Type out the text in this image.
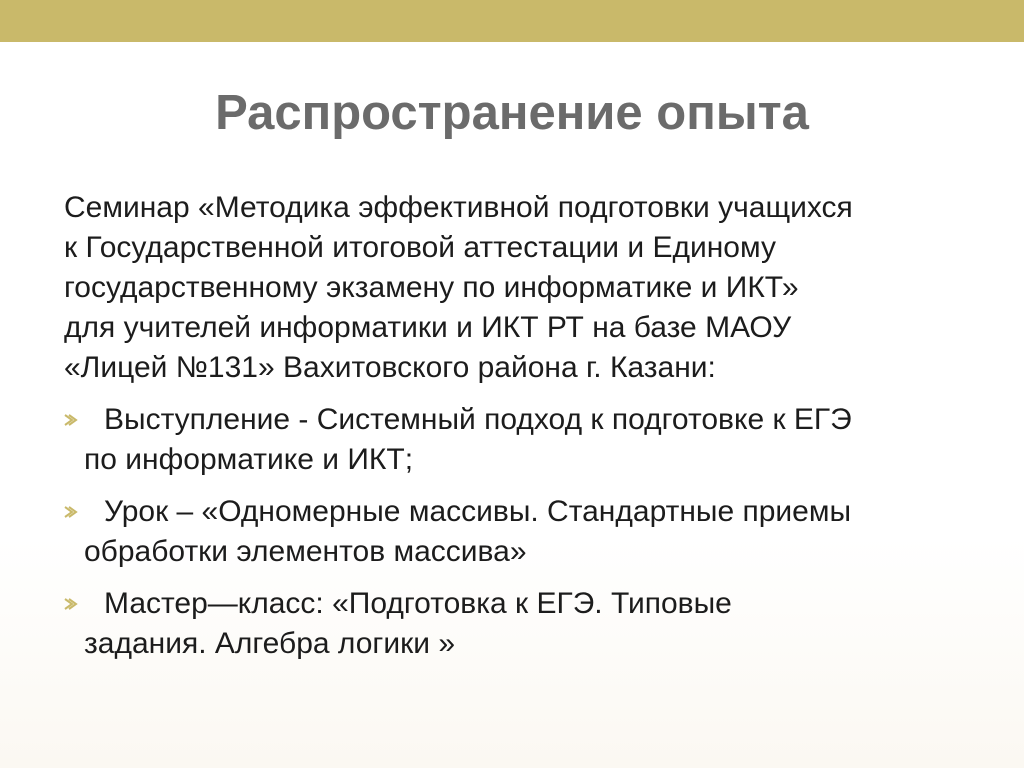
Распространение опыта

Семинар «Методика эффективной подготовки учащихся
к Государственной итоговой аттестации и Единому
государственному экзамену по информатике и ИКТ»
для учителей информатики и ИКТ РТ на базе МАОУ
«Лицей №131» Вахитовского района г. Казани:

Выступление - Системный подход к подготовке к ЕГЭ
по информатике и ИКТ;
Урок – «Одномерные массивы. Стандартные приемы
обработки элементов массива»
Мастер—класс: «Подготовка к ЕГЭ. Типовые
задания. Алгебра логики »
